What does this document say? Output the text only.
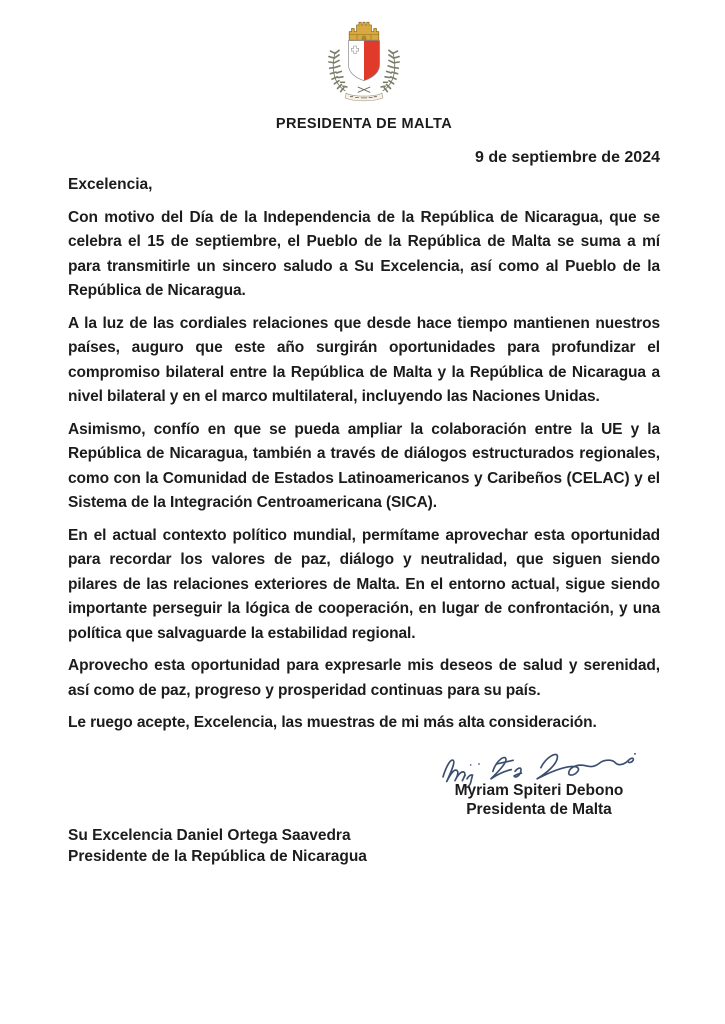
PRESIDENTA DE MALTA
9 de septiembre de 2024
Excelencia,

Con motivo del Día de la Independencia de la República de Nicaragua, que se celebra el 15 de septiembre, el Pueblo de la República de Malta se suma a mí para transmitirle un sincero saludo a Su Excelencia, así como al Pueblo de la República de Nicaragua.

A la luz de las cordiales relaciones que desde hace tiempo mantienen nuestros países, auguro que este año surgirán oportunidades para profundizar el compromiso bilateral entre la República de Malta y la República de Nicaragua a nivel bilateral y en el marco multilateral, incluyendo las Naciones Unidas.

Asimismo, confío en que se pueda ampliar la colaboración entre la UE y la República de Nicaragua, también a través de diálogos estructurados regionales, como con la Comunidad de Estados Latinoamericanos y Caribeños (CELAC) y el Sistema de la Integración Centroamericana (SICA).

En el actual contexto político mundial, permítame aprovechar esta oportunidad para recordar los valores de paz, diálogo y neutralidad, que siguen siendo pilares de las relaciones exteriores de Malta. En el entorno actual, sigue siendo importante perseguir la lógica de cooperación, en lugar de confrontación, y una política que salvaguarde la estabilidad regional.

Aprovecho esta oportunidad para expresarle mis deseos de salud y serenidad, así como de paz, progreso y prosperidad continuas para su país.

Le ruego acepte, Excelencia, las muestras de mi más alta consideración.

Myriam Spiteri Debono
Presidenta de Malta
Su Excelencia Daniel Ortega Saavedra
Presidente de la República de Nicaragua
